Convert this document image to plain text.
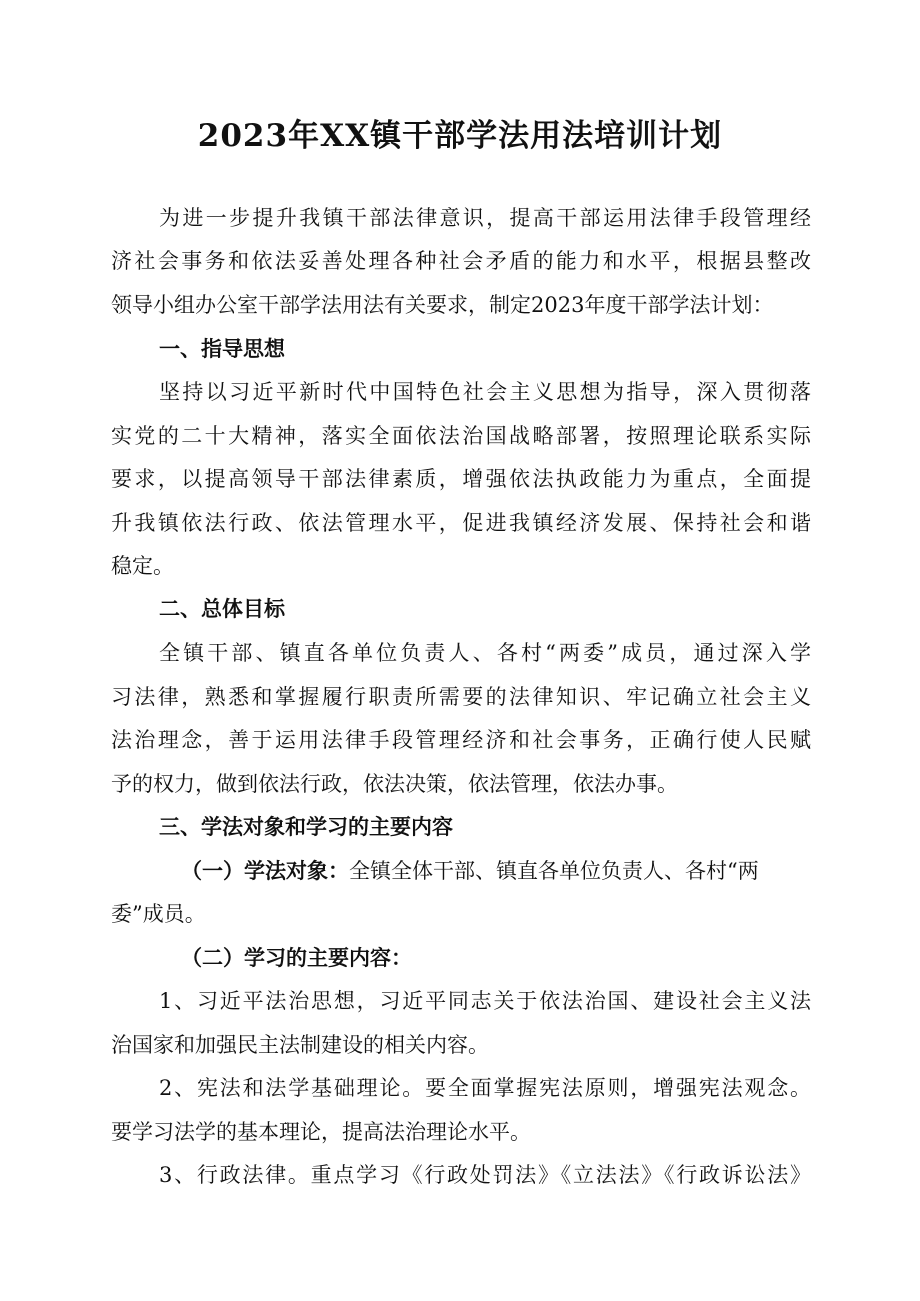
2023年XX镇干部学法用法培训计划

为进一步提升我镇干部法律意识，提高干部运用法律手段管理经

济社会事务和依法妥善处理各种社会矛盾的能力和水平，根据县整改

领导小组办公室干部学法用法有关要求，制定2023年度干部学法计划：

一、指导思想

坚持以习近平新时代中国特色社会主义思想为指导，深入贯彻落

实党的二十大精神，落实全面依法治国战略部署，按照理论联系实际

要求，以提高领导干部法律素质，增强依法执政能力为重点，全面提

升我镇依法行政、依法管理水平，促进我镇经济发展、保持社会和谐

稳定。

二、总体目标

全镇干部、镇直各单位负责人、各村“两委”成员，通过深入学

习法律，熟悉和掌握履行职责所需要的法律知识、牢记确立社会主义

法治理念，善于运用法律手段管理经济和社会事务，正确行使人民赋

予的权力，做到依法行政，依法决策，依法管理，依法办事。

三、学法对象和学习的主要内容

（一）学法对象：全镇全体干部、镇直各单位负责人、各村“两

委”成员。

（二）学习的主要内容：

1、习近平法治思想，习近平同志关于依法治国、建设社会主义法

治国家和加强民主法制建设的相关内容。

2、宪法和法学基础理论。要全面掌握宪法原则，增强宪法观念。

要学习法学的基本理论，提高法治理论水平。

3、行政法律。重点学习《行政处罚法》《立法法》《行政诉讼法》
